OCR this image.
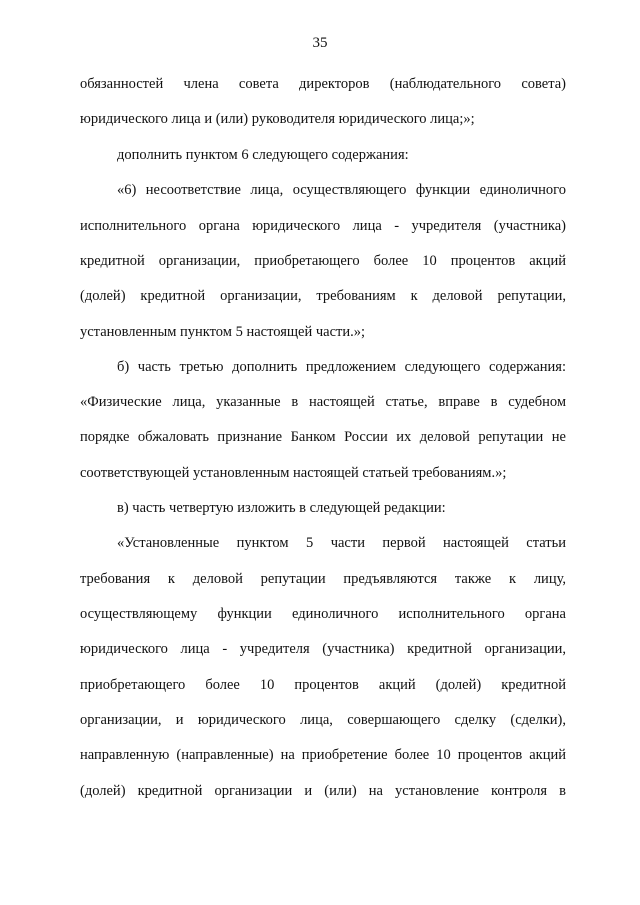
35
обязанностей члена совета директоров (наблюдательного совета)
юридического лица и (или) руководителя юридического лица;»;
дополнить пунктом 6 следующего содержания:
«6) несоответствие лица, осуществляющего функции единоличного
исполнительного органа юридического лица - учредителя (участника)
кредитной организации, приобретающего более 10 процентов акций
(долей) кредитной организации, требованиям к деловой репутации,
установленным пунктом 5 настоящей части.»;
б) часть третью дополнить предложением следующего содержания:
«Физические лица, указанные в настоящей статье, вправе в судебном
порядке обжаловать признание Банком России их деловой репутации не
соответствующей установленным настоящей статьей требованиям.»;
в) часть четвертую изложить в следующей редакции:
«Установленные пунктом 5 части первой настоящей статьи
требования к деловой репутации предъявляются также к лицу,
осуществляющему функции единоличного исполнительного органа
юридического лица - учредителя (участника) кредитной организации,
приобретающего более 10 процентов акций (долей) кредитной
организации, и юридического лица, совершающего сделку (сделки),
направленную (направленные) на приобретение более 10 процентов акций
(долей) кредитной организации и (или) на установление контроля в
